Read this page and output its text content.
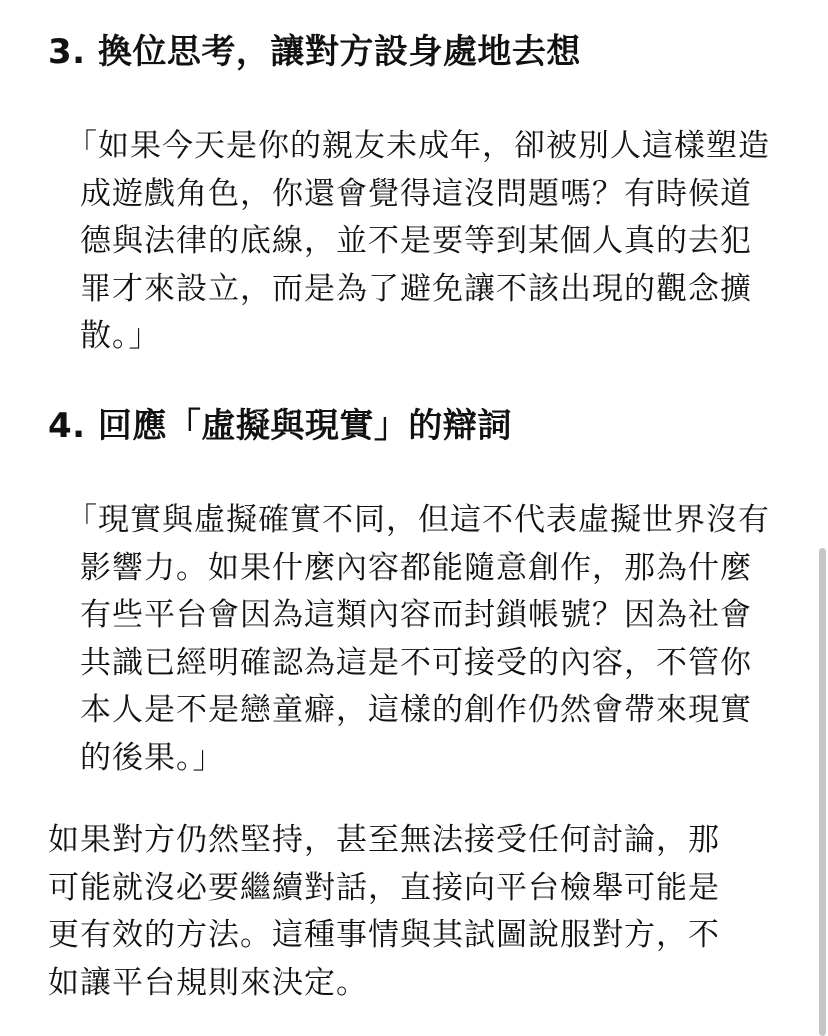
3. 換位思考，讓對方設身處地去想

「如果今天是你的親友未成年，卻被別人這樣塑造成遊戲角色，你還會覺得這沒問題嗎？有時候道德與法律的底線，並不是要等到某個人真的去犯罪才來設立，而是為了避免讓不該出現的觀念擴散。」

4. 回應「虛擬與現實」的辯詞

「現實與虛擬確實不同，但這不代表虛擬世界沒有影響力。如果什麼內容都能隨意創作，那為什麼有些平台會因為這類內容而封鎖帳號？因為社會共識已經明確認為這是不可接受的內容，不管你本人是不是戀童癖，這樣的創作仍然會帶來現實的後果。」

如果對方仍然堅持，甚至無法接受任何討論，那可能就沒必要繼續對話，直接向平台檢舉可能是更有效的方法。這種事情與其試圖說服對方，不如讓平台規則來決定。
